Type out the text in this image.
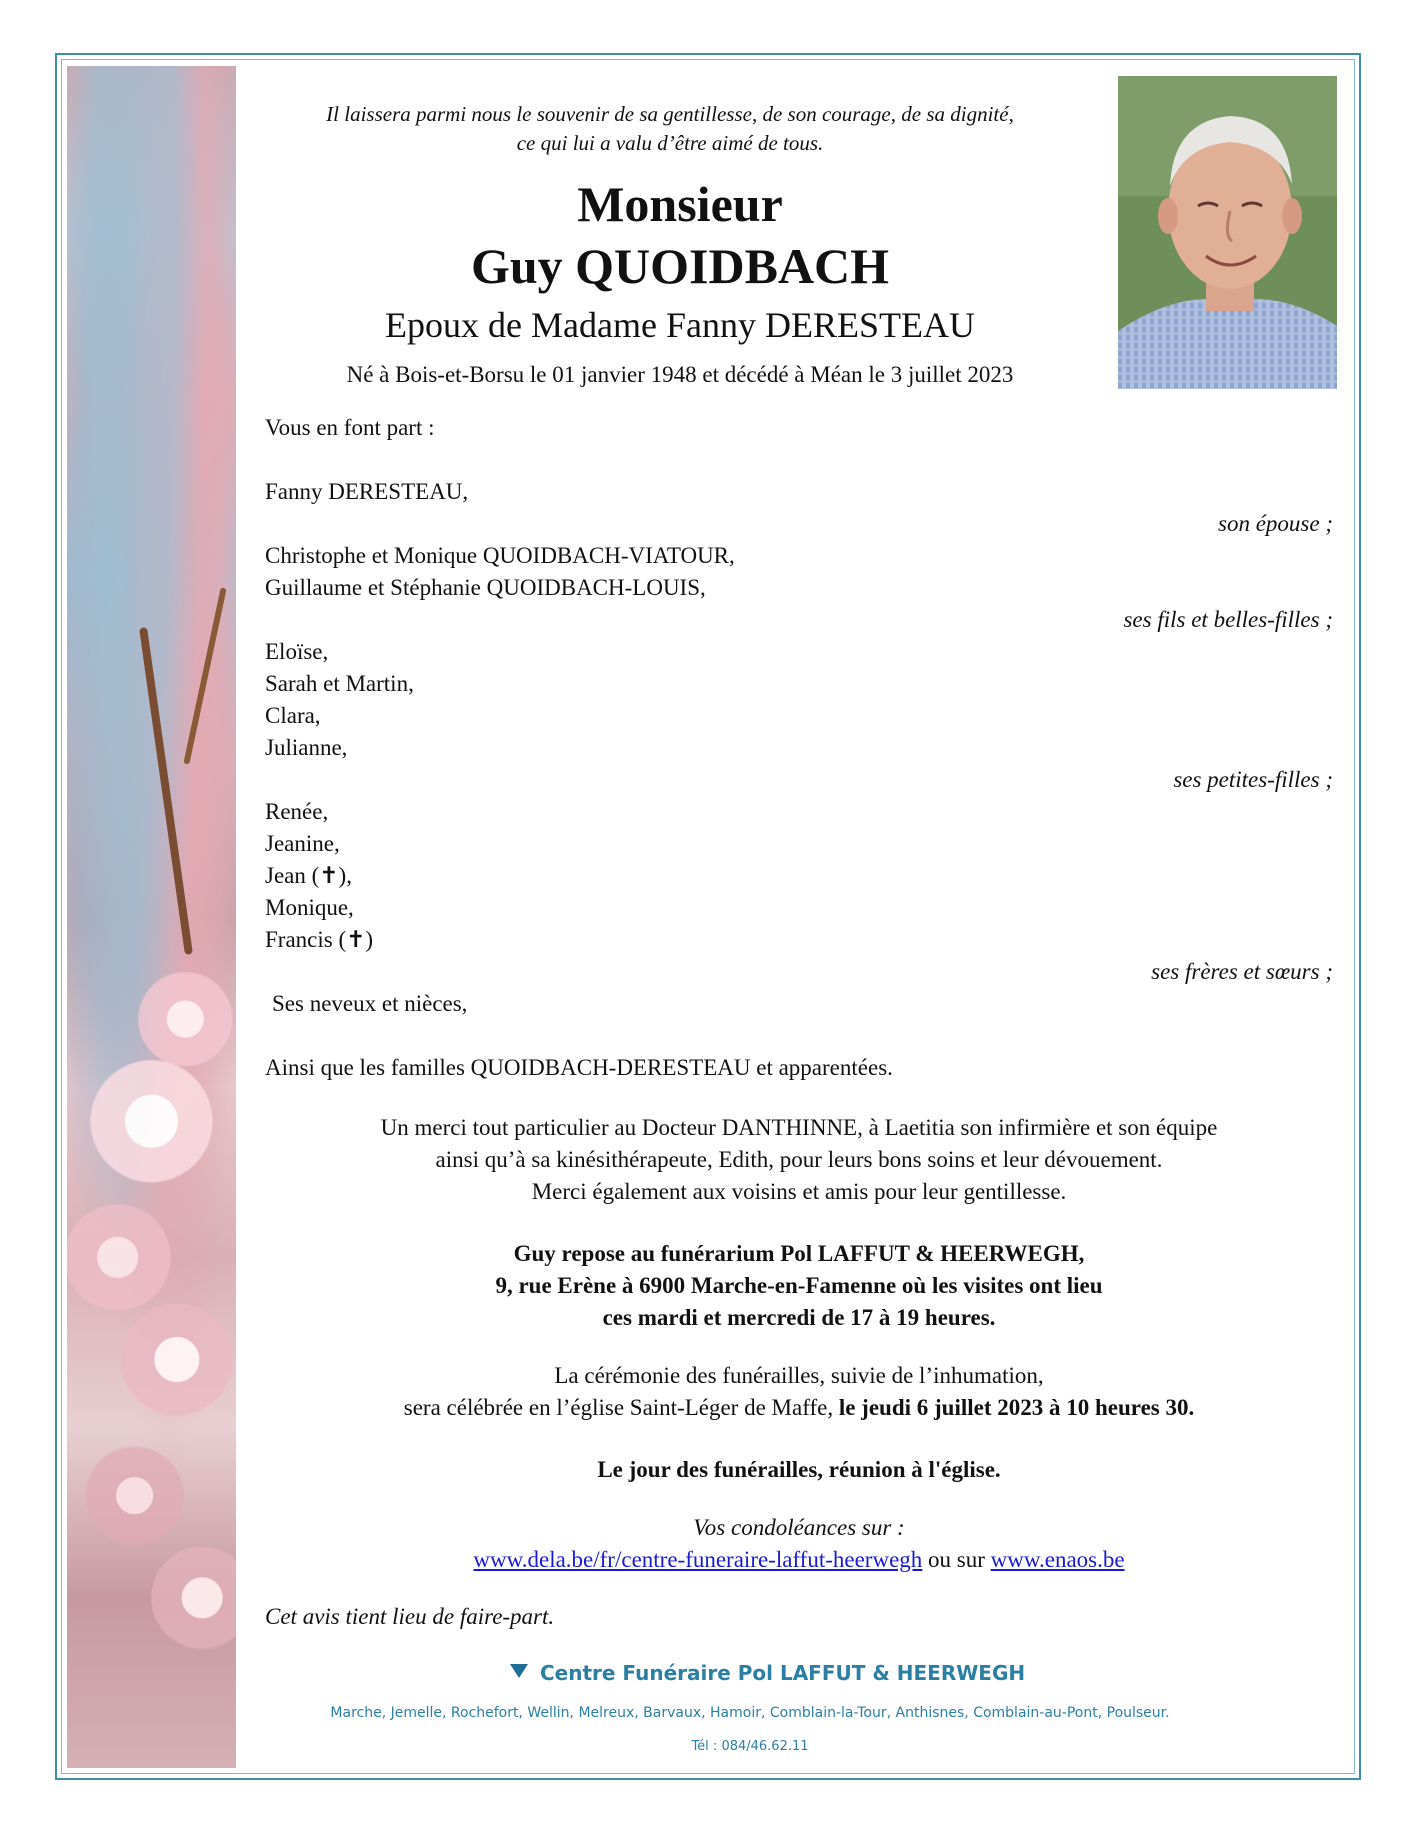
Il laissera parmi nous le souvenir de sa gentillesse, de son courage, de sa dignité,
ce qui lui a valu d’être aimé de tous.
Monsieur
Guy QUOIDBACH
Epoux de Madame Fanny DERESTEAU
Né à Bois-et-Borsu le 01 janvier 1948 et décédé à Méan le 3 juillet 2023
Vous en font part :
Fanny DERESTEAU,
son épouse ;
Christophe et Monique QUOIDBACH-VIATOUR,
Guillaume et Stéphanie QUOIDBACH-LOUIS,
ses fils et belles-filles ;
Eloïse,
Sarah et Martin,
Clara,
Julianne,
ses petites-filles ;
Renée,
Jeanine,
Jean (✝),
Monique,
Francis (✝)
ses frères et sœurs ;
Ses neveux et nièces,
Ainsi que les familles QUOIDBACH-DERESTEAU et apparentées.
Un merci tout particulier au Docteur DANTHINNE, à Laetitia son infirmière et son équipe
ainsi qu’à sa kinésithérapeute, Edith, pour leurs bons soins et leur dévouement.
Merci également aux voisins et amis pour leur gentillesse.
Guy repose au funérarium Pol LAFFUT & HEERWEGH,
9, rue Erène à 6900 Marche-en-Famenne où les visites ont lieu
ces mardi et mercredi de 17 à 19 heures.
La cérémonie des funérailles, suivie de l’inhumation,
sera célébrée en l’église Saint-Léger de Maffe, le jeudi 6 juillet 2023 à 10 heures 30.
Le jour des funérailles, réunion à l'église.
Vos condoléances sur :
www.dela.be/fr/centre-funeraire-laffut-heerwegh ou sur www.enaos.be
Cet avis tient lieu de faire-part.
Centre Funéraire Pol LAFFUT & HEERWEGH
Marche, Jemelle, Rochefort, Wellin, Melreux, Barvaux, Hamoir, Comblain-la-Tour, Anthisnes, Comblain-au-Pont, Poulseur.
Tél : 084/46.62.11
